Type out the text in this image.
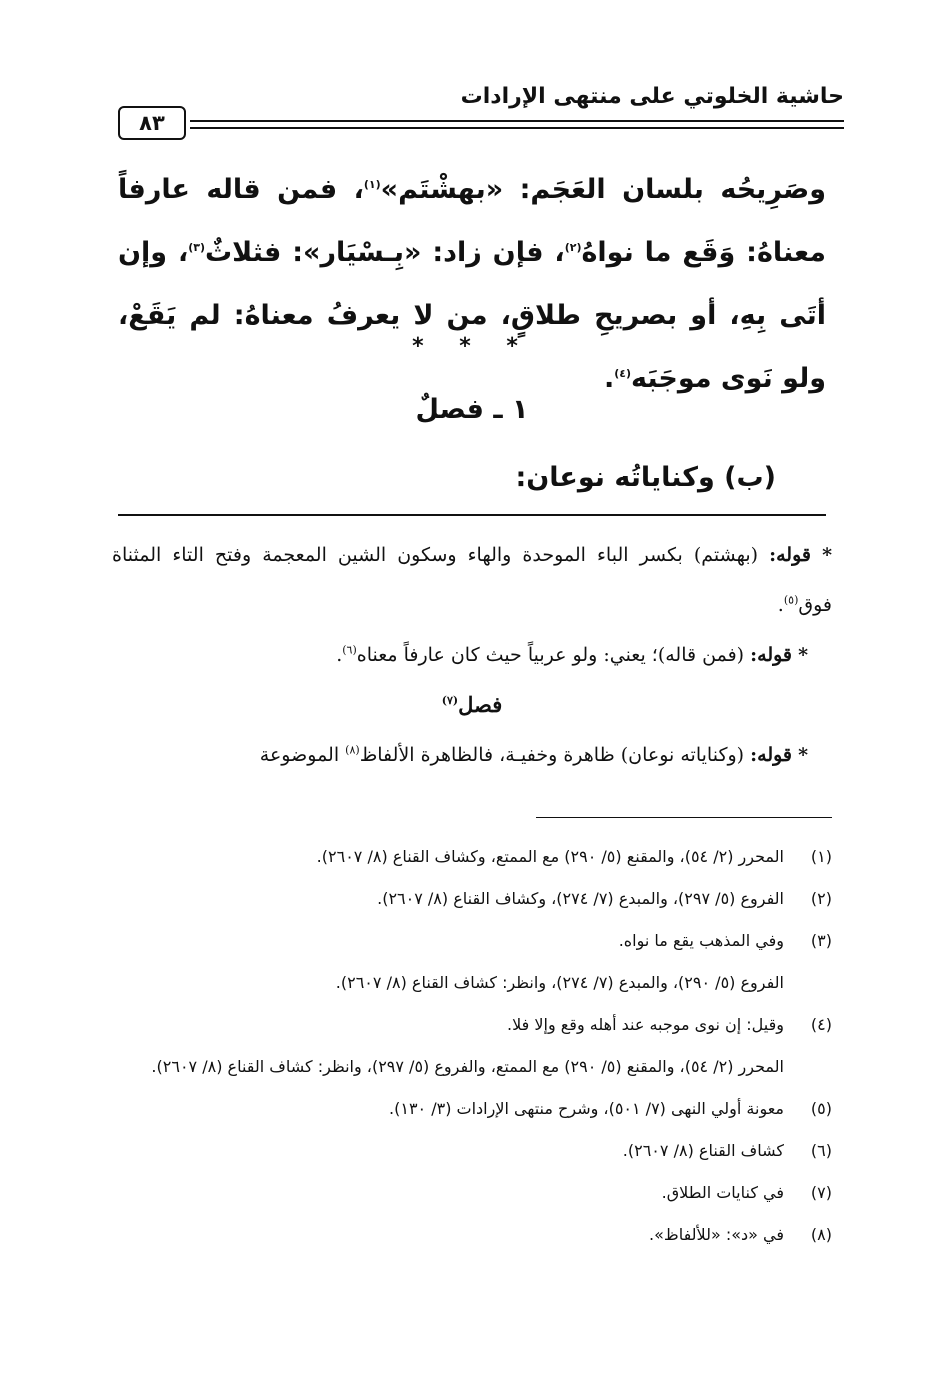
حاشية الخلوتي على منتهى الإرادات
٨٣
وصَرِيحُه بلسان العَجَم: «بهشْتَم»$^{(١)}$، فمن قاله عارفاً معناهُ: وَقَع ما نواهُ$^{(٢)}$، فإن زاد: «بِـسْيَار»: فثلاثٌ$^{(٣)}$، وإن أتَى بِهِ، أو بصريحِ طلاقٍ، من لا يعرفُ معناهُ: لم يَقَعْ، ولو نَوى موجَبَه$^{(٤)}$.
* * *
١ ـ فصلٌ
(ب) وكناياتُه نوعان:

* قوله: (بهشتم) بكسر الباء الموحدة والهاء وسكون الشين المعجمة وفتح التاء المثناة فوق$^{(٥)}$.

* قوله: (فمن قاله)؛ يعني: ولو عربياً حيث كان عارفاً معناه$^{(٦)}$.

فصل$^{(٧)}$

* قوله: (وكناياته نوعان) ظاهرة وخفيـة، فالظاهرة الألفاظ$^{(٨)}$ الموضوعة

(١)
المحرر (٢/ ٥٤)، والمقنع (٥/ ٢٩٠) مع الممتع، وكشاف القناع (٨/ ٢٦٠٧).
(٢)
الفروع (٥/ ٢٩٧)، والمبدع (٧/ ٢٧٤)، وكشاف القناع (٨/ ٢٦٠٧).
(٣)
وفي المذهب يقع ما نواه.
الفروع (٥/ ٢٩٠)، والمبدع (٧/ ٢٧٤)، وانظر: كشاف القناع (٨/ ٢٦٠٧).
(٤)
وقيل: إن نوى موجبه عند أهله وقع وإلا فلا.
المحرر (٢/ ٥٤)، والمقنع (٥/ ٢٩٠) مع الممتع، والفروع (٥/ ٢٩٧)، وانظر: كشاف القناع (٨/ ٢٦٠٧).
(٥)
معونة أولي النهى (٧/ ٥٠١)، وشرح منتهى الإرادات (٣/ ١٣٠).
(٦)
كشاف القناع (٨/ ٢٦٠٧).
(٧)
في كنايات الطلاق.
(٨)
في «د»: «للألفاظ».
